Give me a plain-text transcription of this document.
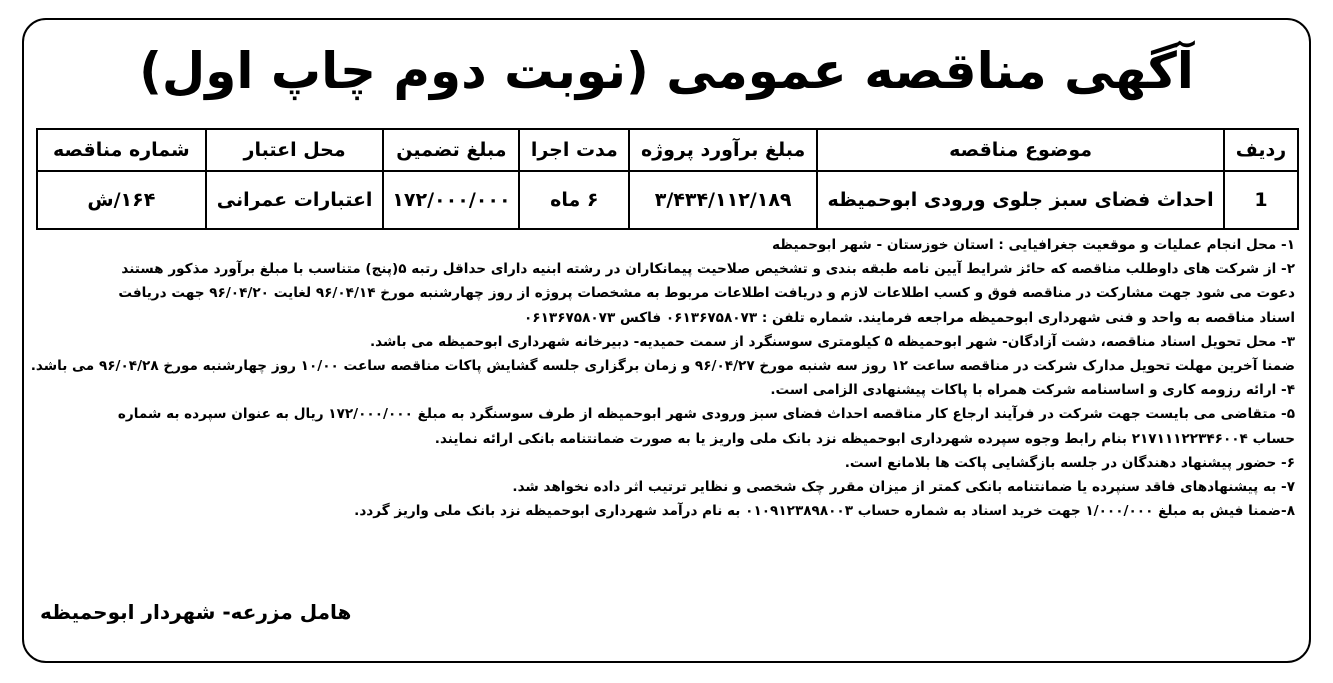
آگهی مناقصه عمومی (نوبت دوم چاپ اول)
ردیف	موضوع مناقصه	مبلغ برآورد پروژه	مدت اجرا	مبلغ تضمین	محل اعتبار	شماره مناقصه
1	احداث فضای سبز جلوی ورودی ابوحمیظه	۳/۴۳۴/۱۱۲/۱۸۹	۶ ماه	۱۷۲/۰۰۰/۰۰۰	اعتبارات عمرانی	۱۶۴/ش

۱- محل انجام عملیات و موقعیت جغرافیایی : استان خوزستان - شهر ابوحمیظه

۲- از شرکت های داوطلب مناقصه که حائز شرایط آیین نامه طبقه بندی و تشخیص صلاحیت پیمانکاران در رشته ابنیه دارای حداقل رتبه ۵(پنج) متناسب با مبلغ برآورد مذکور هستند

دعوت می شود جهت مشارکت در مناقصه فوق و کسب اطلاعات لازم و دریافت اطلاعات مربوط به مشخصات پروژه از روز چهارشنبه مورخ ۹۶/۰۴/۱۴ لغایت ۹۶/۰۴/۲۰ جهت دریافت

اسناد مناقصه به واحد و فنی شهرداری ابوحمیظه مراجعه فرمایند. شماره تلفن : ۰۶۱۳۶۷۵۸۰۷۳ فاکس ۰۶۱۳۶۷۵۸۰۷۳

۳- محل تحویل اسناد مناقصه، دشت آزادگان- شهر ابوحمیظه ۵ کیلومتری سوسنگرد از سمت حمیدیه- دبیرخانه شهرداری ابوحمیظه می باشد.

ضمنا آخرین مهلت تحویل مدارک شرکت در مناقصه ساعت ۱۲ روز سه شنبه مورخ ۹۶/۰۴/۲۷ و زمان برگزاری جلسه گشایش پاکات مناقصه ساعت ۱۰/۰۰ روز چهارشنبه مورخ ۹۶/۰۴/۲۸ می باشد.

۴- ارائه رزومه کاری و اساسنامه شرکت همراه با پاکات پیشنهادی الزامی است.

۵- متقاضی می بایست جهت شرکت در فرآیند ارجاع کار مناقصه احداث فضای سبز ورودی شهر ابوحمیظه از طرف سوسنگرد به مبلغ ۱۷۲/۰۰۰/۰۰۰ ریال به عنوان سپرده به شماره

حساب ۲۱۷۱۱۱۲۲۳۴۶۰۰۴ بنام رابط وجوه سپرده شهرداری ابوحمیظه نزد بانک ملی واریز یا به صورت ضمانتنامه بانکی ارائه نمایند.

۶- حضور پیشنهاد دهندگان در جلسه بازگشایی پاکت ها بلامانع است.

۷- به پیشنهادهای فاقد سنپرده یا ضمانتنامه بانکی کمتر از میزان مقرر چک شخصی و نظایر ترتیب اثر داده نخواهد شد.

۸-ضمنا فیش به مبلغ ۱/۰۰۰/۰۰۰ جهت خرید اسناد به شماره حساب ۰۱۰۹۱۲۳۸۹۸۰۰۳ به نام درآمد شهرداری ابوحمیظه نزد بانک ملی واریز گردد.

هامل مزرعه- شهردار ابوحمیظه
